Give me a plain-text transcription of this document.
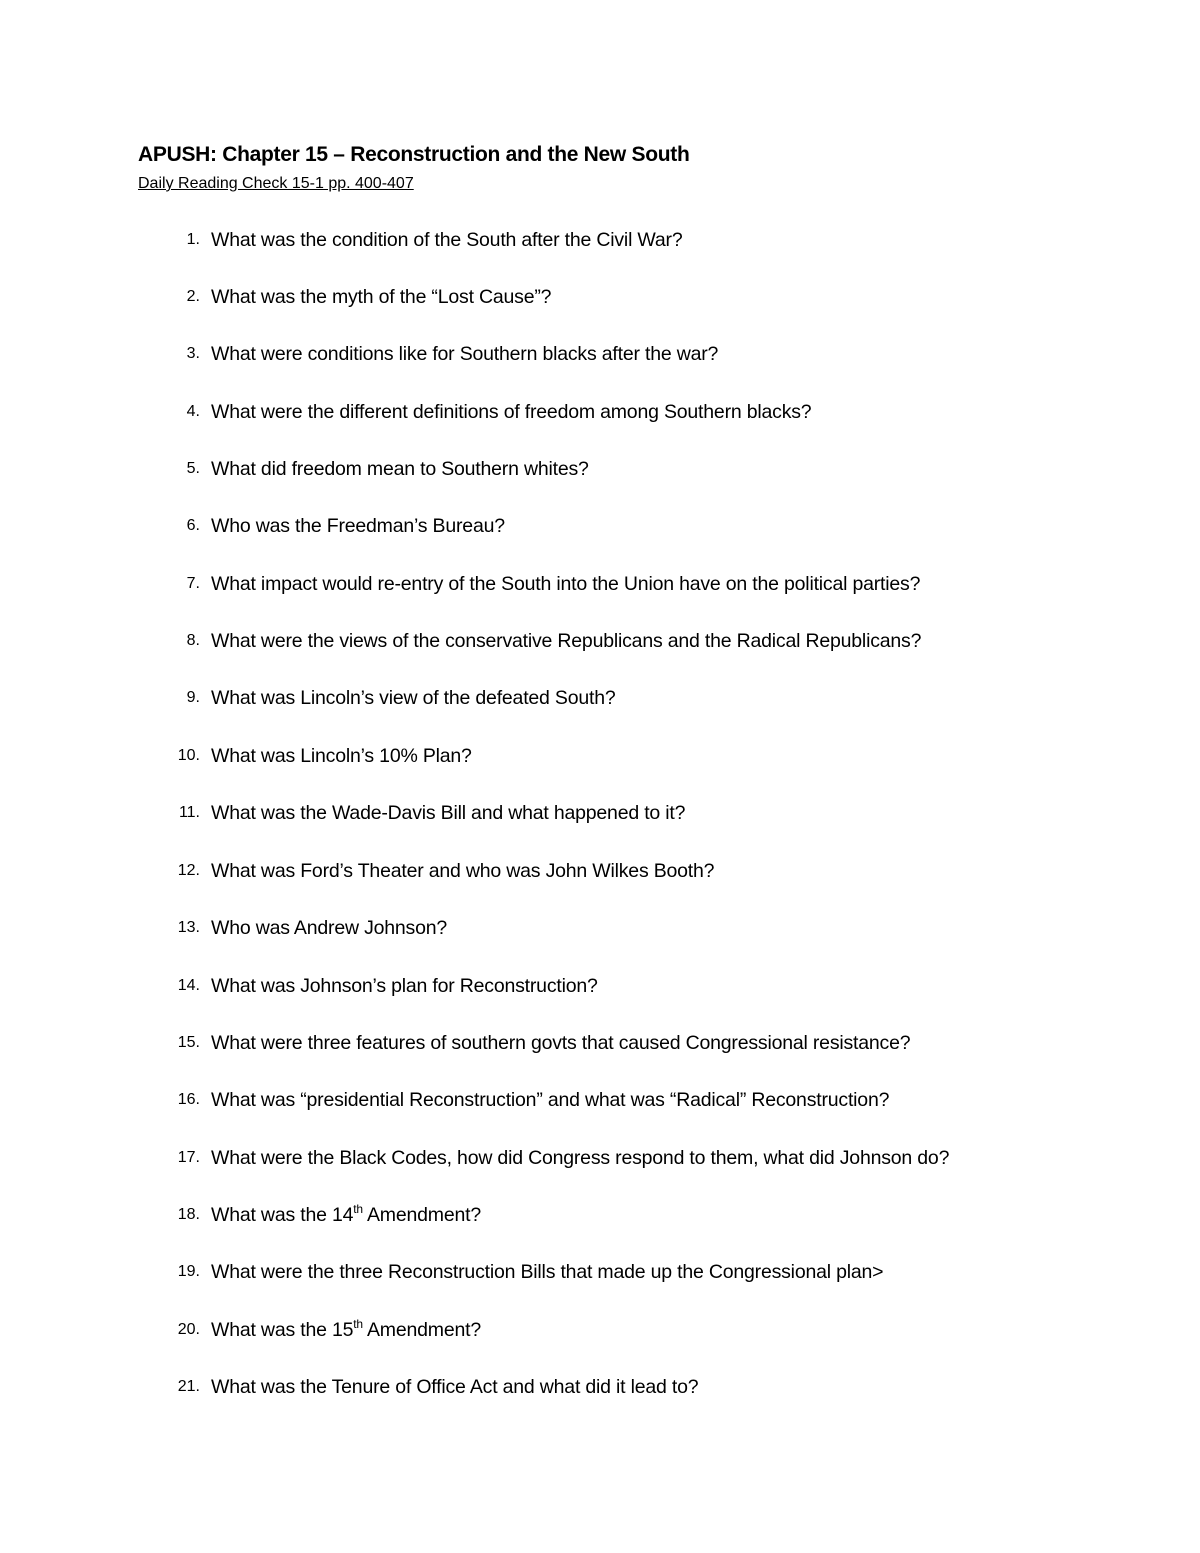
APUSH: Chapter 15 – Reconstruction and the New South
Daily Reading Check 15-1 pp. 400-407
1. What was the condition of the South after the Civil War?
2. What was the myth of the “Lost Cause”?
3. What were conditions like for Southern blacks after the war?
4. What were the different definitions of freedom among Southern blacks?
5. What did freedom mean to Southern whites?
6. Who was the Freedman’s Bureau?
7. What impact would re-entry of the South into the Union have on the political parties?
8. What were the views of the conservative Republicans and the Radical Republicans?
9. What was Lincoln’s view of the defeated South?
10. What was Lincoln’s 10% Plan?
11. What was the Wade-Davis Bill and what happened to it?
12. What was Ford’s Theater and who was John Wilkes Booth?
13. Who was Andrew Johnson?
14. What was Johnson’s plan for Reconstruction?
15. What were three features of southern govts that caused Congressional resistance?
16. What was “presidential Reconstruction” and what was “Radical” Reconstruction?
17. What were the Black Codes, how did Congress respond to them, what did Johnson do?
18. What was the 14th Amendment?
19. What were the three Reconstruction Bills that made up the Congressional plan>
20. What was the 15th Amendment?
21. What was the Tenure of Office Act and what did it lead to?
